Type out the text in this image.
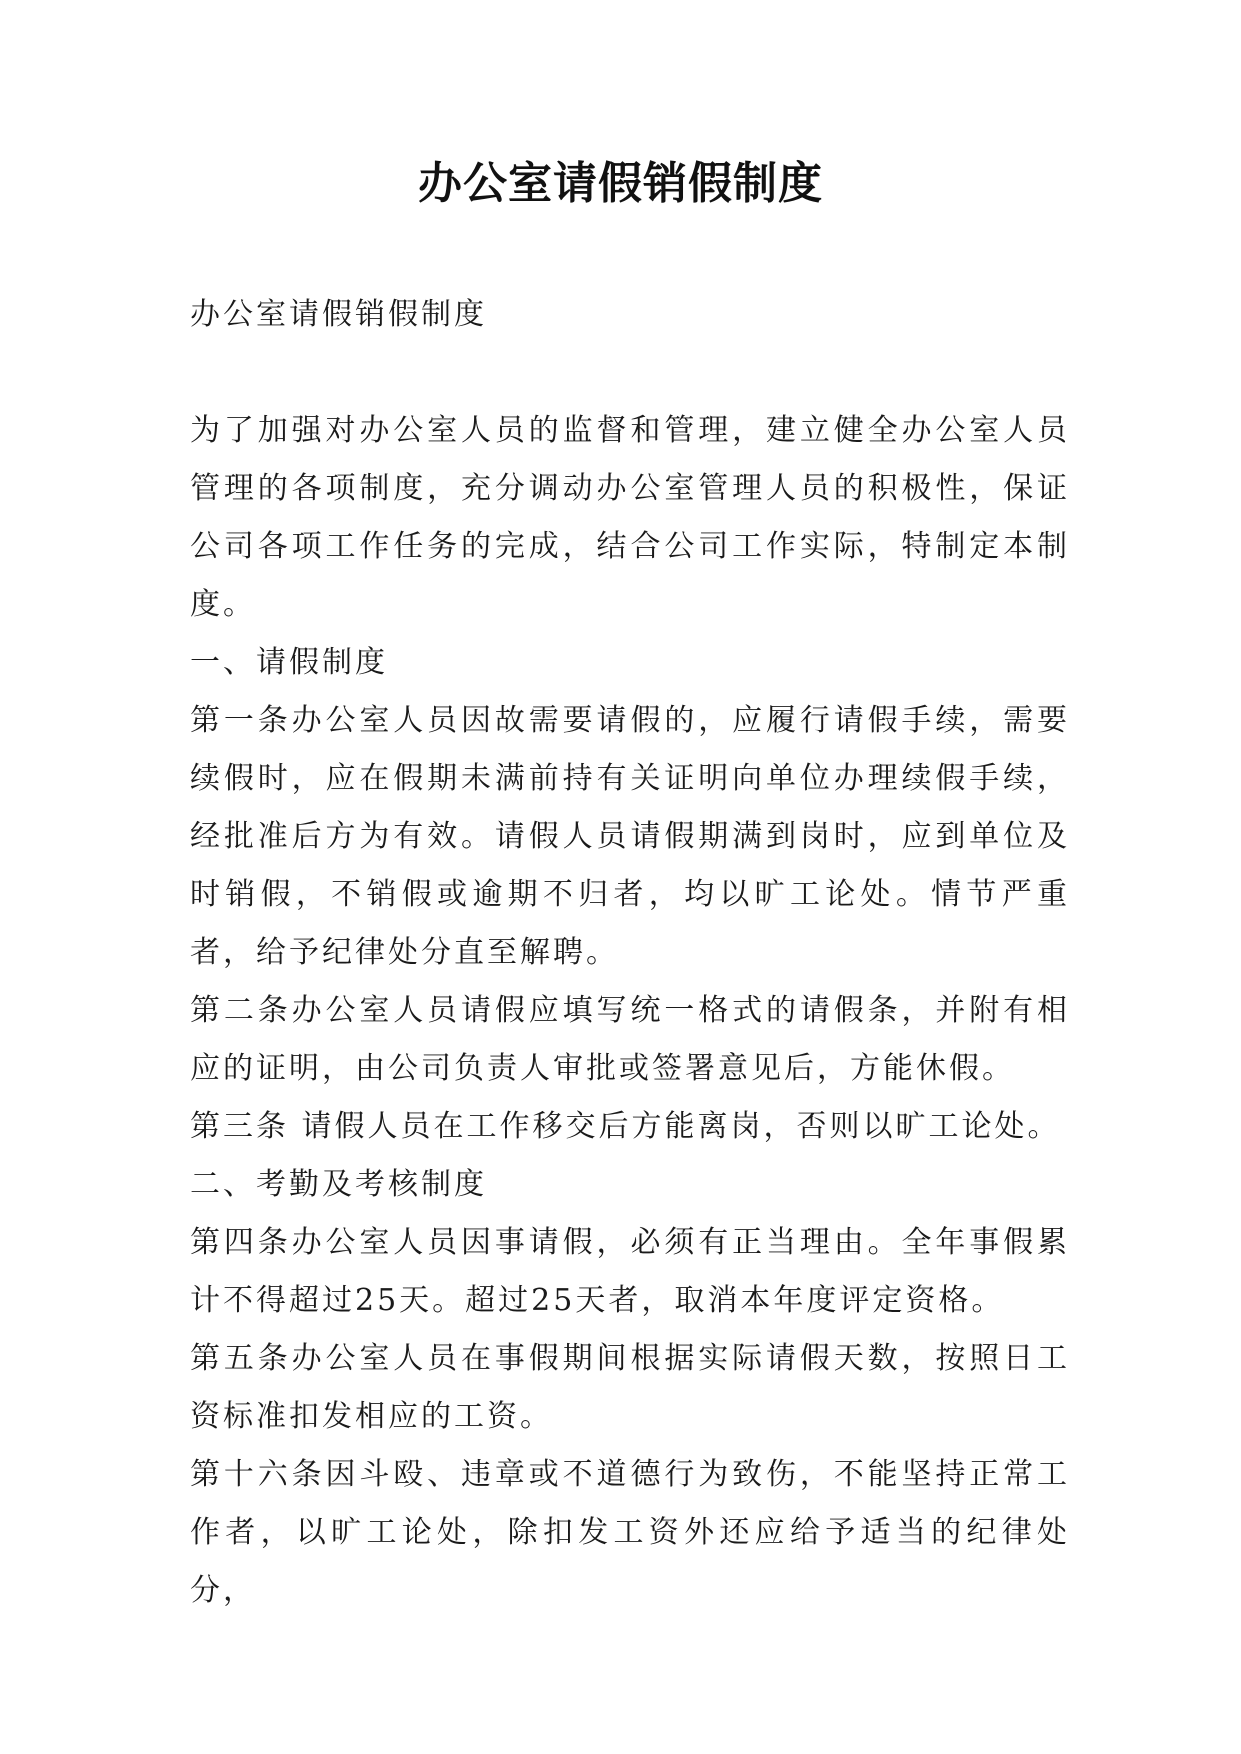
办公室请假销假制度

办公室请假销假制度

为了加强对办公室人员的监督和管理，建立健全办公室人员管理的各项制度，充分调动办公室管理人员的积极性，保证公司各项工作任务的完成，结合公司工作实际，特制定本制度。

一、请假制度

第一条办公室人员因故需要请假的，应履行请假手续，需要续假时，应在假期未满前持有关证明向单位办理续假手续，经批准后方为有效。请假人员请假期满到岗时，应到单位及时销假，不销假或逾期不归者，均以旷工论处。情节严重者，给予纪律处分直至解聘。

第二条办公室人员请假应填写统一格式的请假条，并附有相应的证明，由公司负责人审批或签署意见后，方能休假。

第三条 请假人员在工作移交后方能离岗，否则以旷工论处。

二、考勤及考核制度

第四条办公室人员因事请假，必须有正当理由。全年事假累计不得超过25天。超过25天者，取消本年度评定资格。

第五条办公室人员在事假期间根据实际请假天数，按照日工资标准扣发相应的工资。

第十六条因斗殴、违章或不道德行为致伤，不能坚持正常工作者，以旷工论处，除扣发工资外还应给予适当的纪律处分，
